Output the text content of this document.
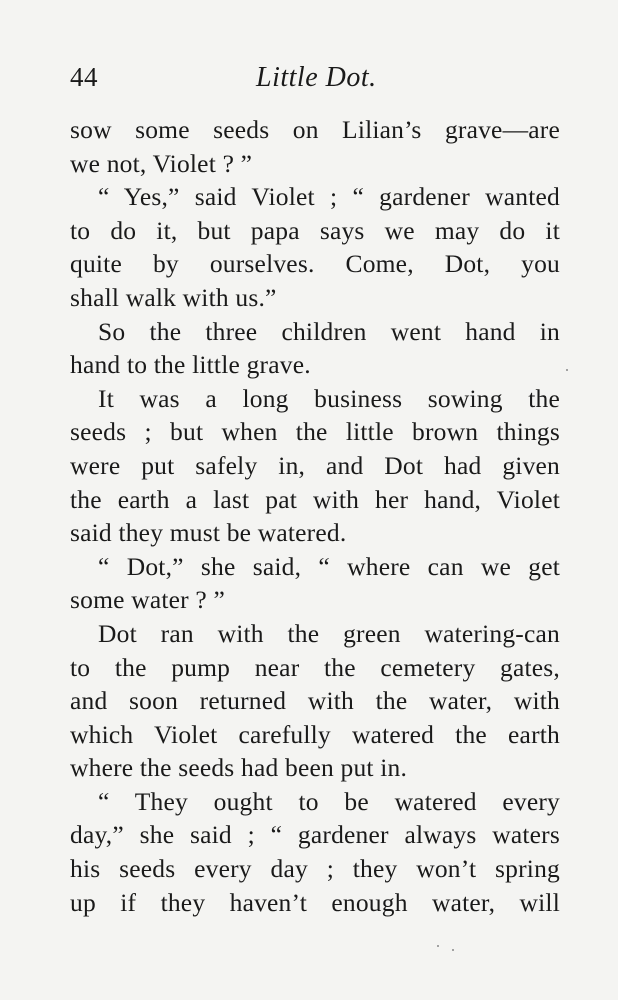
44	Little Dot.
sow some seeds on Lilian’s grave—are
we not, Violet ? ”
“ Yes,” said Violet ; “ gardener wanted
to do it, but papa says we may do it
quite by ourselves. Come, Dot, you
shall walk with us.”
So the three children went hand in
hand to the little grave.
It was a long business sowing the
seeds ; but when the little brown things
were put safely in, and Dot had given
the earth a last pat with her hand, Violet
said they must be watered.
“ Dot,” she said, “ where can we get
some water ? ”
Dot ran with the green watering-can
to the pump near the cemetery gates,
and soon returned with the water, with
which Violet carefully watered the earth
where the seeds had been put in.
“ They ought to be watered every
day,” she said ; “ gardener always waters
his seeds every day ; they won’t spring
up if they haven’t enough water, will
